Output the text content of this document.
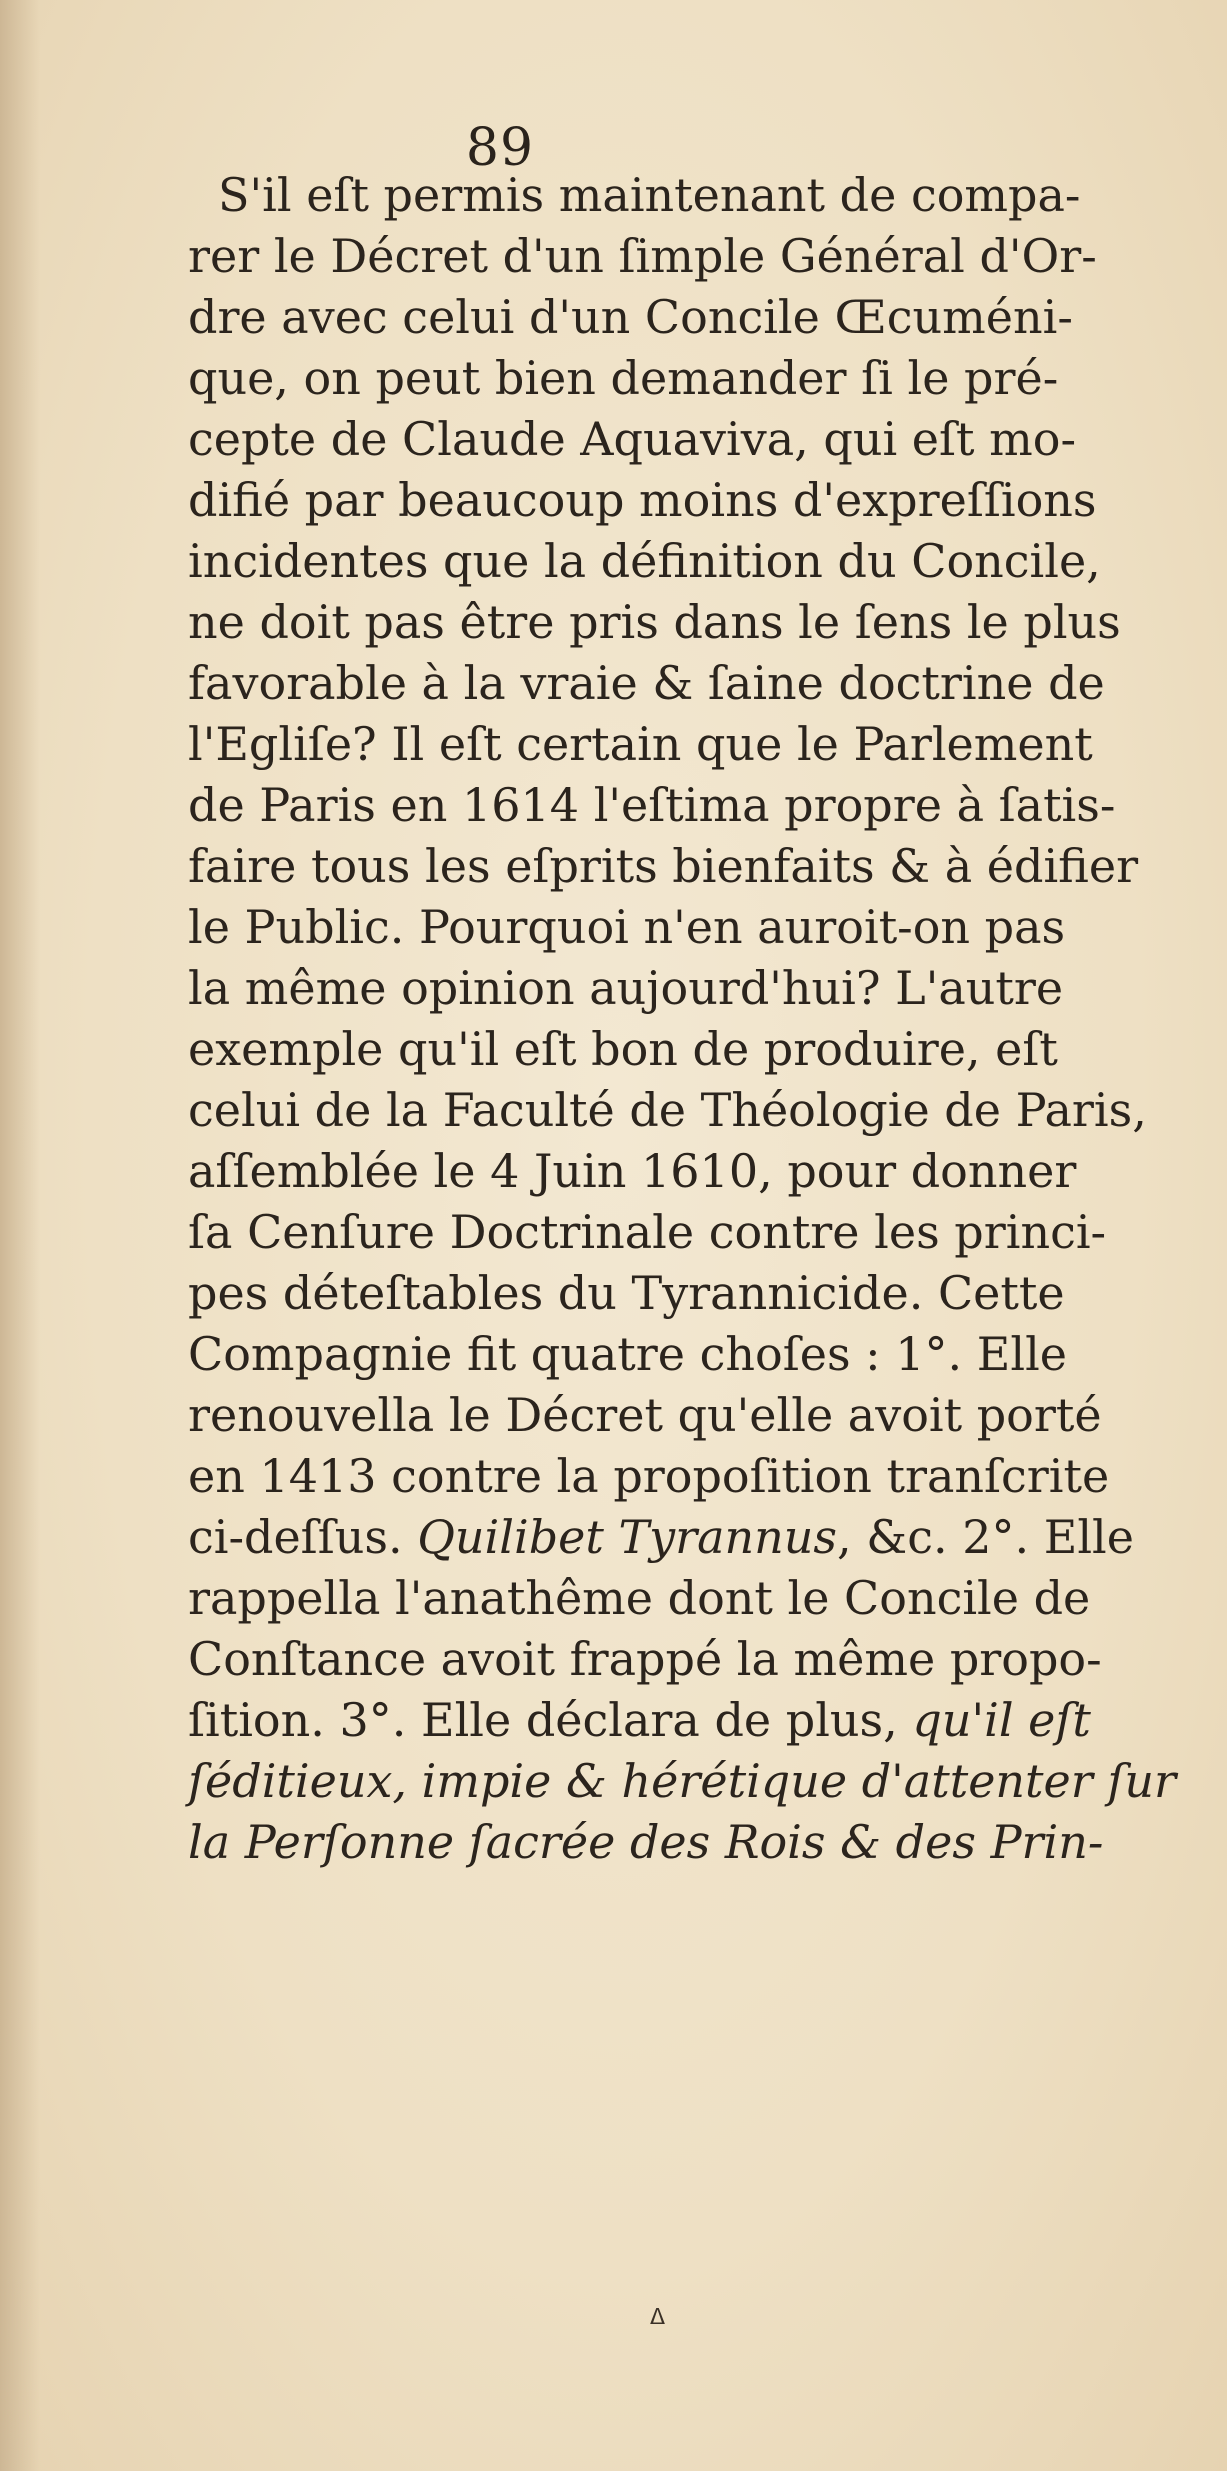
89
S'il eſt permis maintenant de compa-
rer le Décret d'un ſimple Général d'Or-
dre avec celui d'un Concile Œcuméni-
que, on peut bien demander ſi le pré-
cepte de Claude Aquaviva, qui eſt mo-
difié par beaucoup moins d'expreſſions
incidentes que la définition du Concile,
ne doit pas être pris dans le ſens le plus
favorable à la vraie & ſaine doctrine de
l'Egliſe? Il eſt certain que le Parlement
de Paris en 1614 l'eſtima propre à ſatis-
faire tous les eſprits bienfaits & à édifier
le Public. Pourquoi n'en auroit-on pas
la même opinion aujourd'hui? L'autre
exemple qu'il eſt bon de produire, eſt
celui de la Faculté de Théologie de Paris,
aſſemblée le 4 Juin 1610, pour donner
ſa Cenſure Doctrinale contre les princi-
pes déteſtables du Tyrannicide. Cette
Compagnie fit quatre choſes : 1°. Elle
renouvella le Décret qu'elle avoit porté
en 1413 contre la propoſition tranſcrite
ci-deſſus. Quilibet Tyrannus, &c. 2°. Elle
rappella l'anathême dont le Concile de
Conſtance avoit frappé la même propo-
ſition. 3°. Elle déclara de plus, qu'il eſt
ſéditieux, impie & hérétique d'attenter ſur
la Perſonne ſacrée des Rois & des Prin-
ᐃ
